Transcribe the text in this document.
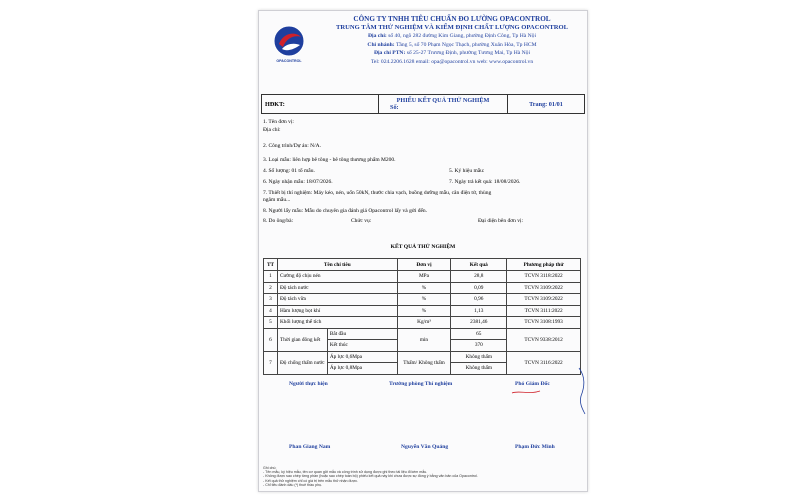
OPACONTROL
CÔNG TY TNHH TIÊU CHUẨN ĐO LƯỜNG OPACONTROL
TRUNG TÂM THỬ NGHIỆM VÀ KIỂM ĐỊNH CHẤT LƯỢNG OPACONTROL
Địa chỉ: số 40, ngõ 282 đường Kim Giang, phường Định Công, Tp Hà Nội
Chi nhánh: Tầng 5, số 70 Phạm Ngọc Thạch, phường Xuân Hòa, Tp HCM
Địa chỉ PTN: số 25-27 Trương Định, phường Tương Mai, Tp Hà Nội
Tel: 024.2206.1628 email: opa@opacontrol.vn web: www.opacontrol.vn
HĐKT:	PHIẾU KẾT QUẢ THỬ NGHIỆM
Số:	Trang: 01/01
1. Tên đơn vị:
Địa chỉ:
2. Công trình/Dự án: N/A.
3. Loại mẫu: liên hợp bê tông - bê tông thương phẩm M200.
4. Số lượng: 01 tổ mẫu.	5. Ký hiệu mẫu:
6. Ngày nhận mẫu: 18/07/2026.	7. Ngày trả kết quả: 18/08/2026.
7. Thiết bị thí nghiệm: Máy kéo, nén, uốn 50kN, thước chia vạch, buồng dưỡng mẫu, cân điện tử, thùng
ngâm mẫu...
8. Người lấy mẫu: Mẫu do chuyên gia đánh giá Opacontrol lấy và gửi đến.
8. Do ông/bà:	Chức vụ:	Đại diện bên đơn vị:
KẾT QUẢ THỬ NGHIỆM
TT	Tên chỉ tiêu		Đơn vị	Kết quả	Phương pháp thử
1	Cường độ chịu nén		MPa	28,8	TCVN 3118:2022
2	Độ tách nước		%	0,09	TCVN 3109:2022
3	Độ tách vữa		%	0,96	TCVN 3109:2022
4	Hàm lượng bọt khí		%	1,13	TCVN 3111:2022
5	Khối lượng thể tích		Kg/m³	2381,46	TCVN 3108:1993
6	Thời gian đông kết	Bắt đầu	min	65	TCVN 9338:2012
		Kết thúc		370	
7	Độ chống thấm nước	Áp lực 0,6Mpa	Thấm/ Không thấm	Không thấm	TCVN 3116:2022
		Áp lực 0,8Mpa		Không thấm	
Người thực hiện	Trưởng phòng Thí nghiệm	Phó Giám Đốc
Phan Giang Nam	Nguyễn Văn Quảng	Phạm Đức Minh
Ghi chú:
- Tên mẫu, ký hiệu mẫu, tên cơ quan gửi mẫu và công trình sử dụng được ghi theo tài liệu đi kèm mẫu.
- Không được sao chép từng phần (hoặc sao chép toàn bộ) phiếu kết quả này khi chưa được sự đồng ý bằng văn bản của Opacontrol.
- Kết quả thử nghiệm chỉ có giá trị trên mẫu thử nhận được.
- Chỉ tiêu đánh dấu (*) thuê thầu phụ.
